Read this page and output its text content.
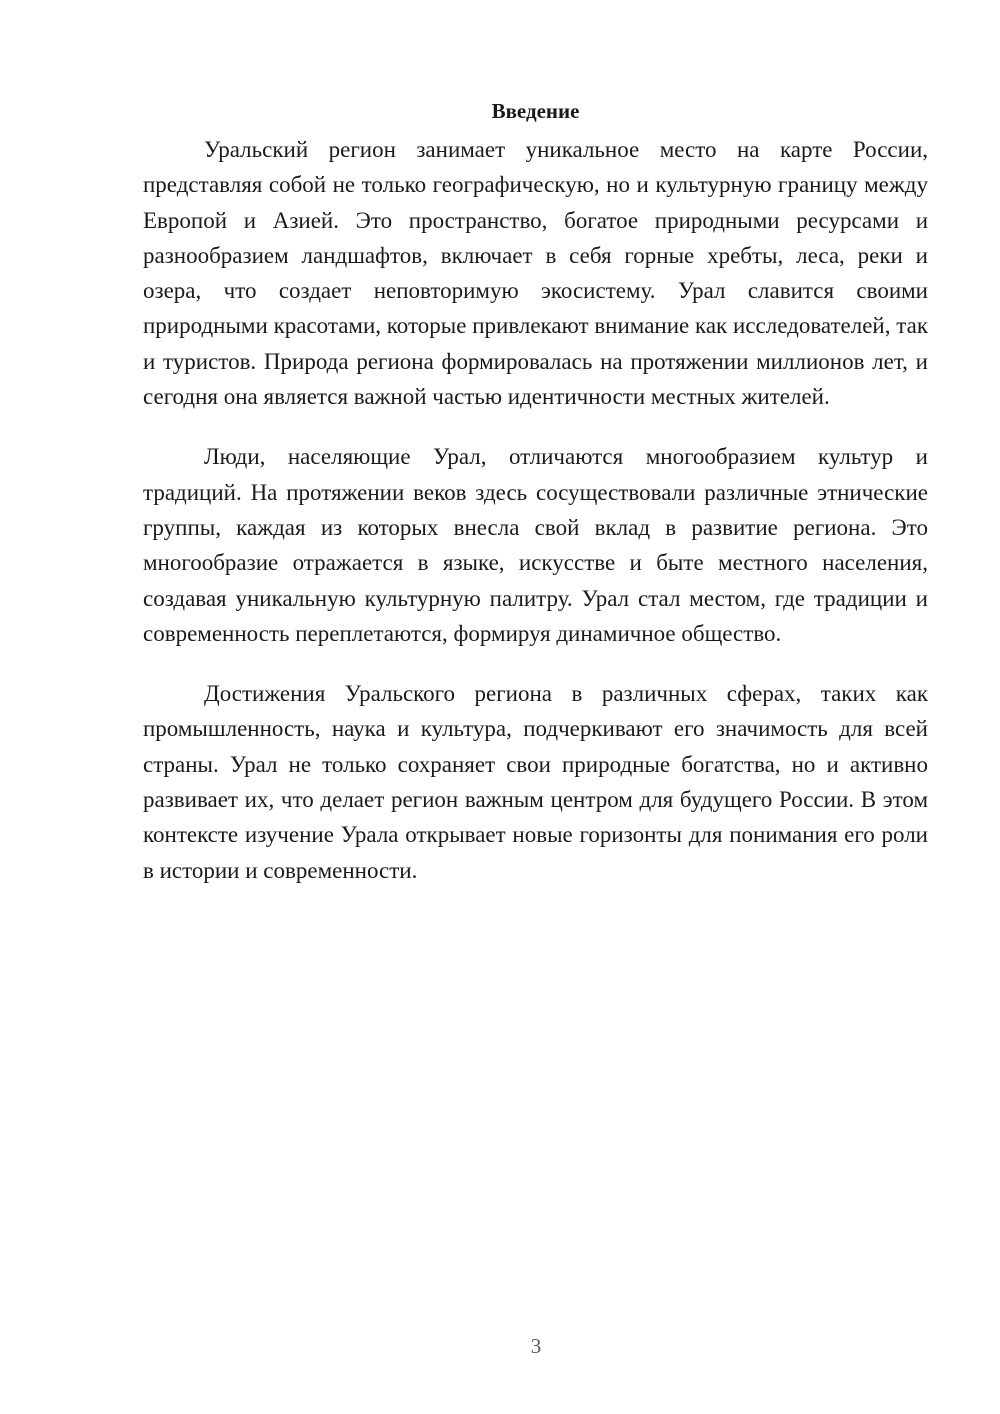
Введение

Уральский регион занимает уникальное место на карте России, представляя собой не только географическую, но и культурную границу между Европой и Азией. Это пространство, богатое природными ресурсами и разнообразием ландшафтов, включает в себя горные хребты, леса, реки и озера, что создает неповторимую экосистему. Урал славится своими природными красотами, которые привлекают внимание как исследователей, так и туристов. Природа региона формировалась на протяжении миллионов лет, и сегодня она является важной частью идентичности местных жителей.

Люди, населяющие Урал, отличаются многообразием культур и традиций. На протяжении веков здесь сосуществовали различные этнические группы, каждая из которых внесла свой вклад в развитие региона. Это многообразие отражается в языке, искусстве и быте местного населения, создавая уникальную культурную палитру. Урал стал местом, где традиции и современность переплетаются, формируя динамичное общество.

Достижения Уральского региона в различных сферах, таких как промышленность, наука и культура, подчеркивают его значимость для всей страны. Урал не только сохраняет свои природные богатства, но и активно развивает их, что делает регион важным центром для будущего России. В этом контексте изучение Урала открывает новые горизонты для понимания его роли в истории и современности.

3
